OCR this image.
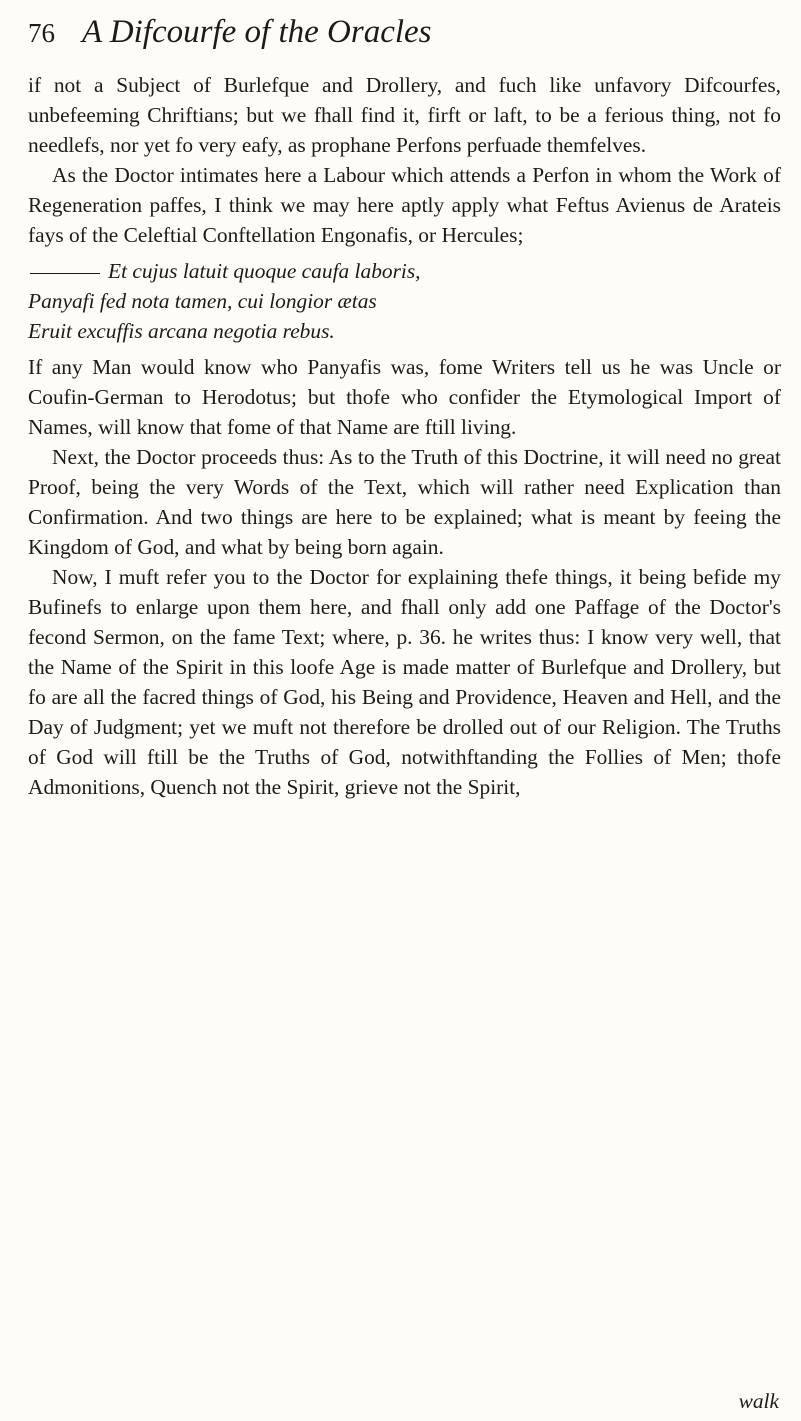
76 A Difcourfe of the Oracles

if not a Subject of Burlefque and Drollery, and fuch like unfavory Difcourfes, unbefeeming Chriftians; but we fhall find it, firft or laft, to be a ferious thing, not fo needlefs, nor yet fo very eafy, as prophane Perfons perfuade themfelves.

As the Doctor intimates here a Labour which attends a Perfon in whom the Work of Regeneration paffes, I think we may here aptly apply what Feftus Avienus de Arateis fays of the Celeftial Conftellation Engonafis, or Hercules;

Et cujus latuit quoque caufa laboris,
Panyafi fed nota tamen, cui longior ætas
Eruit excuffis arcana negotia rebus.

If any Man would know who Panyafis was, fome Writers tell us he was Uncle or Coufin-German to Herodotus; but thofe who confider the Etymological Import of Names, will know that fome of that Name are ftill living.

Next, the Doctor proceeds thus: As to the Truth of this Doctrine, it will need no great Proof, being the very Words of the Text, which will rather need Explication than Confirmation. And two things are here to be explained; what is meant by feeing the Kingdom of God, and what by being born again.

Now, I muft refer you to the Doctor for explaining thefe things, it being befide my Bufinefs to enlarge upon them here, and fhall only add one Paffage of the Doctor's fecond Sermon, on the fame Text; where, p. 36. he writes thus: I know very well, that the Name of the Spirit in this loofe Age is made matter of Burlefque and Drollery, but fo are all the facred things of God, his Being and Providence, Heaven and Hell, and the Day of Judgment; yet we muft not therefore be drolled out of our Religion. The Truths of God will ftill be the Truths of God, notwithftanding the Follies of Men; thofe Admonitions, Quench not the Spirit, grieve not the Spirit,

walk
